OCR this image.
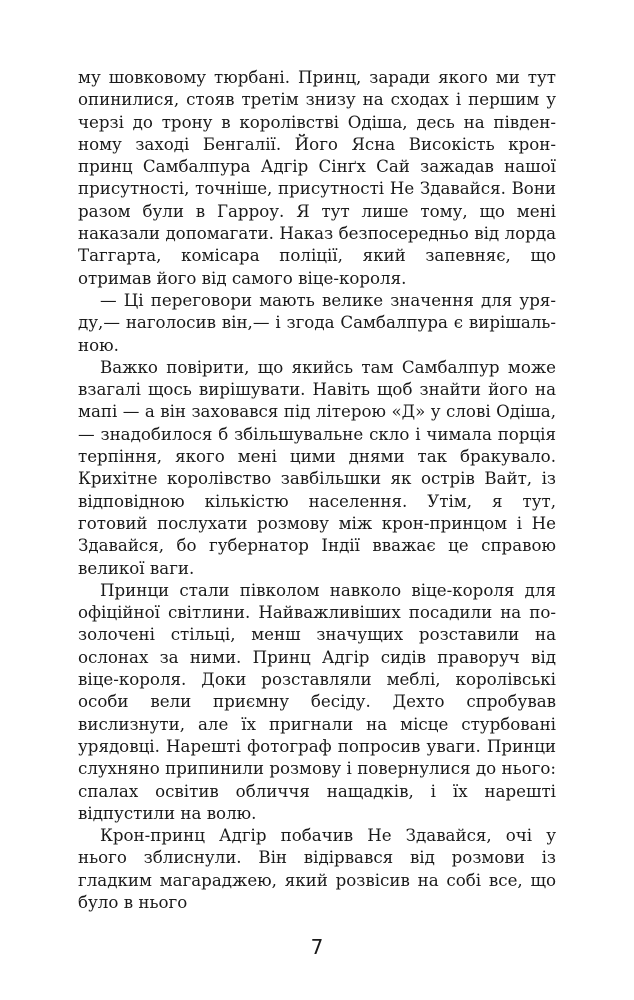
му шовковому тюрбані. Принц, заради якого ми тут опинилися, стояв третім знизу на сходах і першим у черзі до трону в королівстві Одіша, десь на південному заході Бенгалії. Його Ясна Високість крон-принц Самбалпура Адгір Сінґх Сай зажадав нашої присутності, точніше, присутності Не Здавайся. Вони разом були в Гарроу. Я тут лише тому, що мені наказали допомагати. Наказ безпосередньо від лорда Таггарта, комісара поліції, який запевняє, що отримав його від самого віце-короля.

— Ці переговори мають велике значення для уряду,— наголосив він,— і згода Самбалпура є вирішальною.

Важко повірити, що якийсь там Самбалпур може взагалі щось вирішувати. Навіть щоб знайти його на мапі — а він заховався під літерою «Д» у слові Одіша,— знадобилося б збільшувальне скло і чимала порція терпіння, якого мені цими днями так бракувало. Крихітне королівство завбільшки як острів Вайт, із відповідною кількістю населення. Утім, я тут, готовий послухати розмову між крон-принцом і Не Здавайся, бо губернатор Індії вважає це справою великої ваги.

Принци стали півколом навколо віце-короля для офіційної світлини. Найважливіших посадили на позолочені стільці, менш значущих розставили на ослонах за ними. Принц Адгір сидів праворуч від віце-короля. Доки розставляли меблі, королівські особи вели приємну бесіду. Дехто спробував вислизнути, але їх пригнали на місце стурбовані урядовці. Нарешті фотограф попросив уваги. Принци слухняно припинили розмову і повернулися до нього: спалах освітив обличчя нащадків, і їх нарешті відпустили на волю.

Крон-принц Адгір побачив Не Здавайся, очі у нього зблиснули. Він відірвався від розмови із гладким магараджею, який розвісив на собі все, що було в нього

7
